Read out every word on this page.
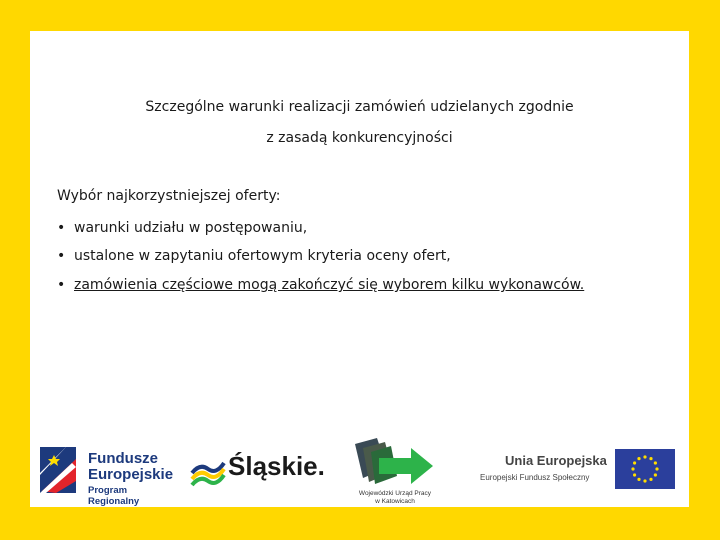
Szczególne warunki realizacji zamówień udzielanych zgodnie
z zasadą konkurencyjności
Wybór najkorzystniejszej oferty:
• warunki udziału w postępowaniu,
• ustalone w zapytaniu ofertowym kryteria oceny ofert,
• zamówienia częściowe mogą zakończyć się wyborem kilku wykonawców.
Fundusze
Europejskie
Program Regionalny
Śląskie.
Wojewódzki Urząd Pracy
w Katowicach
Unia Europejska
Europejski Fundusz Społeczny
